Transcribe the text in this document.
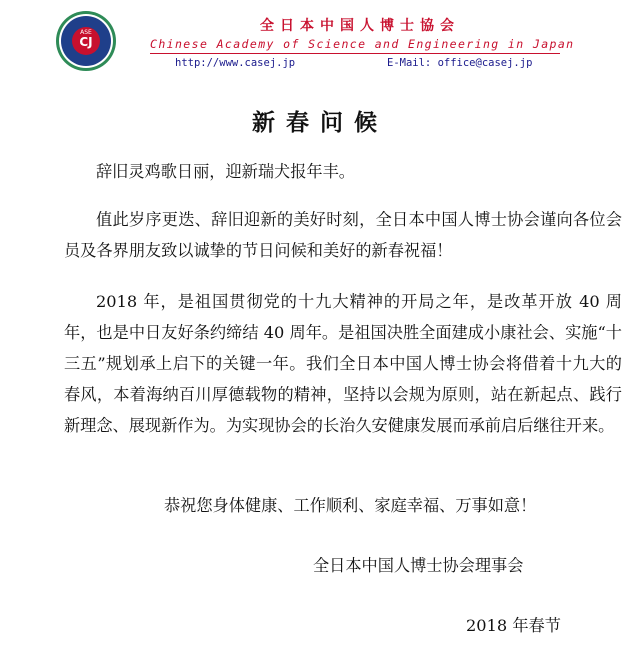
CJ
ASE	全日本中国人博士協会
Chinese Academy of Science and Engineering in Japan
http://www.casej.jp	E-Mail: office@casej.jp
新春问候

辞旧灵鸡歌日丽，迎新瑞犬报年丰。

值此岁序更迭、辞旧迎新的美好时刻，全日本中国人博士协会谨向各位会员及各界朋友致以诚挚的节日问候和美好的新春祝福！

2018 年，是祖国贯彻党的十九大精神的开局之年，是改革开放 40 周年，也是中日友好条约缔结 40 周年。是祖国决胜全面建成小康社会、实施“十三五”规划承上启下的关键一年。我们全日本中国人博士协会将借着十九大的春风，本着海纳百川厚德载物的精神，坚持以会规为原则，站在新起点、践行新理念、展现新作为。为实现协会的长治久安健康发展而承前启后继往开来。

恭祝您身体健康、工作顺利、家庭幸福、万事如意！
全日本中国人博士协会理事会
2018 年春节
